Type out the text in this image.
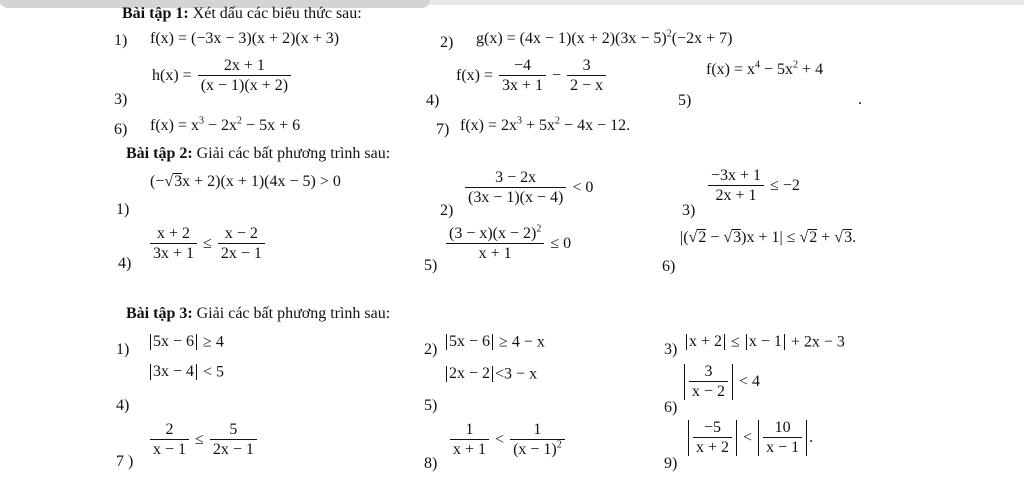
Bài tập 1: Xét dấu các biểu thức sau:
1) f(x) = (−3x − 3)(x + 2)(x + 3)	2) $g(x) = (4x - 1)(x + 2)(3x - 5)^2(-2x + 7)$
3)
$h(x) = \frac{2x + 1}{(x - 1)(x + 2)}$
4)
$f(x) = \frac{-4}{3x + 1} - \frac{3}{2 - x}$
5)
$f(x) = x^4 - 5x^2 + 4$
.
6) $f(x) = x^3 - 2x^2 - 5x + 6$	7) $f(x) = 2x^3 + 5x^2 - 4x - 12$.
Bài tập 2: Giải các bất phương trình sau:
1)
(−√3x + 2)(x + 1)(4x − 5) > 0
2)
$\frac{3 - 2x}{(3x - 1)(x - 4)} < 0$
3)
$\frac{-3x + 1}{2x + 1} \le -2$
4)
$\frac{x + 2}{3x + 1} \le \frac{x - 2}{2x - 1}$
5)
$\frac{(3 - x)(x - 2)^2}{x + 1} \le 0$
6)
|(√2 − √3)x + 1| ≤ √2 + √3.
Bài tập 3: Giải các bất phương trình sau:
1)	5x − 6 ≥ 4	2) 5x − 6 ≥ 4 − x	3) x + 2 ≤ x − 1 + 2x − 3
4)
3x − 4 < 5
5)
2x − 2 <3 − x
6)
$\frac{3}{x - 2} < 4$
7 )
$\frac{2}{x - 1} \le \frac{5}{2x - 1}$
8)
$\frac{1}{x + 1} < \frac{1}{(x - 1)^2}$
9)
$\frac{-5}{x + 2} < \frac{10}{x - 1}$ .
